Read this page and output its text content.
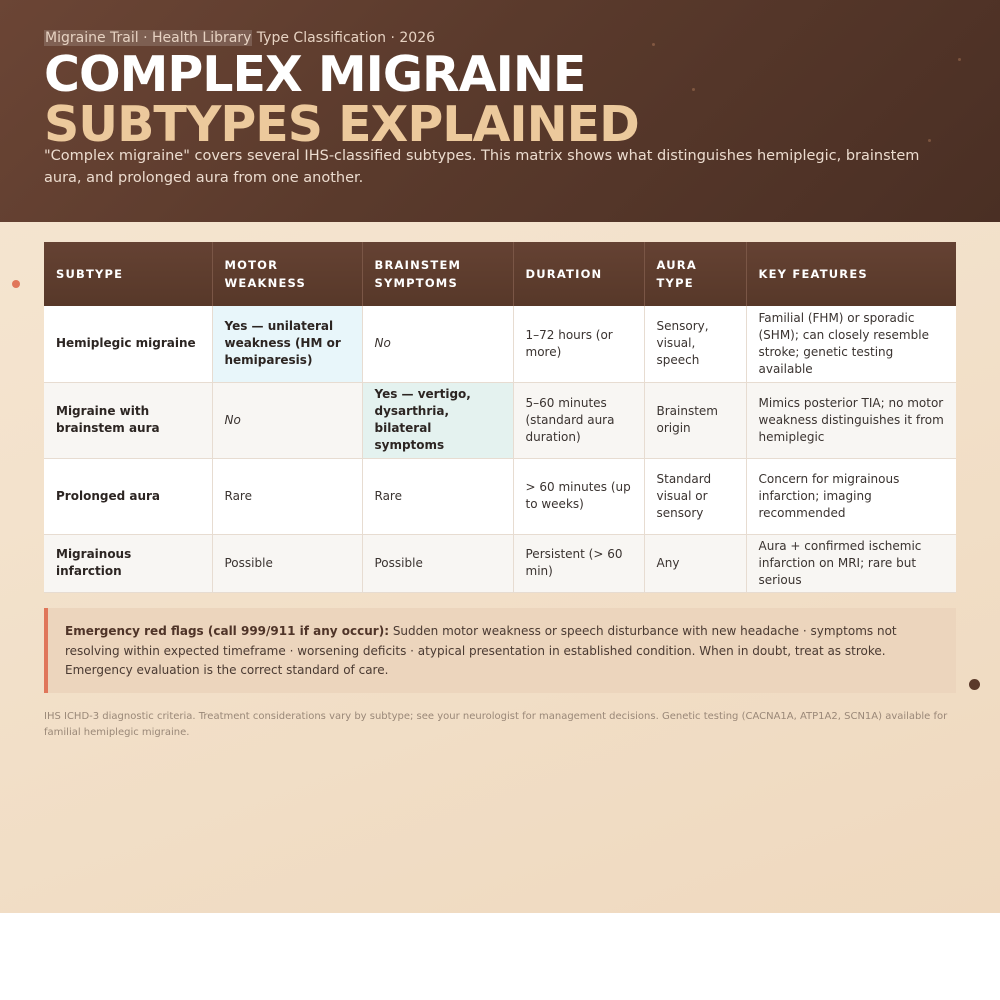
Migraine Trail · Health Library Type Classification · 2026
COMPLEX MIGRAINE
SUBTYPES EXPLAINED

"Complex migraine" covers several IHS-classified subtypes. This matrix shows what distinguishes hemiplegic, brainstem aura, and prolonged aura from one another.

SUBTYPE	MOTOR WEAKNESS	BRAINSTEM SYMPTOMS	DURATION	AURA TYPE	KEY FEATURES
Hemiplegic migraine	Yes — unilateral weakness (HM or hemiparesis)	No	1–72 hours (or more)	Sensory, visual, speech	Familial (FHM) or sporadic (SHM); can closely resemble stroke; genetic testing available
Migraine with brainstem aura	No	Yes — vertigo, dysarthria, bilateral symptoms	5–60 minutes (standard aura duration)	Brainstem origin	Mimics posterior TIA; no motor weakness distinguishes it from hemiplegic
Prolonged aura	Rare	Rare	> 60 minutes (up to weeks)	Standard visual or sensory	Concern for migrainous infarction; imaging recommended
Migrainous infarction	Possible	Possible	Persistent (> 60 min)	Any	Aura + confirmed ischemic infarction on MRI; rare but serious

Emergency red flags (call 999/911 if any occur): Sudden motor weakness or speech disturbance with new headache · symptoms not resolving within expected timeframe · worsening deficits · atypical presentation in established condition. When in doubt, treat as stroke. Emergency evaluation is the correct standard of care.

IHS ICHD-3 diagnostic criteria. Treatment considerations vary by subtype; see your neurologist for management decisions. Genetic testing (CACNA1A, ATP1A2, SCN1A) available for familial hemiplegic migraine.
